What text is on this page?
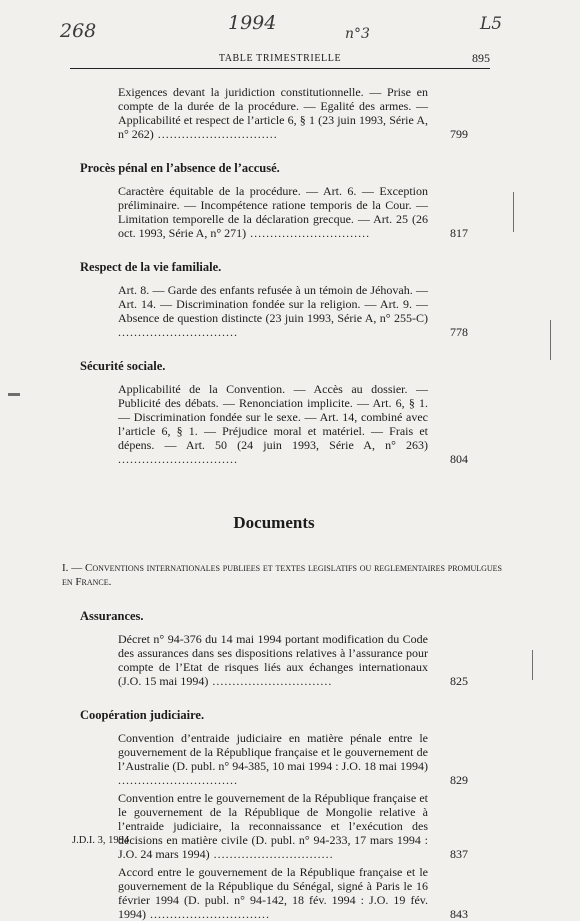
268	1994	n°3	L5
TABLE TRIMESTRIELLE	895
Exigences devant la juridiction constitutionnelle. — Prise en compte de la durée de la procédure. — Egalité des armes. — Applicabilité et respect de l’article 6, § 1 (23 juin 1993, Série A, n° 262) ..............................	799
Procès pénal en l’absence de l’accusé.
Caractère équitable de la procédure. — Art. 6. — Exception préliminaire. — Incompétence ratione temporis de la Cour. — Limitation temporelle de la déclaration grecque. — Art. 25 (26 oct. 1993, Série A, n° 271) ..............................	817
Respect de la vie familiale.
Art. 8. — Garde des enfants refusée à un témoin de Jéhovah. — Art. 14. — Discrimination fondée sur la religion. — Art. 9. — Absence de question distincte (23 juin 1993, Série A, n° 255-C) ..............................	778
Sécurité sociale.
Applicabilité de la Convention. — Accès au dossier. — Publicité des débats. — Renonciation implicite. — Art. 6, § 1. — Discrimination fondée sur le sexe. — Art. 14, combiné avec l’article 6, § 1. — Préjudice moral et matériel. — Frais et dépens. — Art. 50 (24 juin 1993, Série A, n° 263) ..............................	804
Documents
I. — Conventions internationales publiees et textes legislatifs ou reglementaires promulgues en France.
Assurances.
Décret n° 94-376 du 14 mai 1994 portant modification du Code des assurances dans ses dispositions relatives à l’assurance pour compte de l’Etat de risques liés aux échanges internationaux (J.O. 15 mai 1994) ..............................	825
Coopération judiciaire.
Convention d’entraide judiciaire en matière pénale entre le gouvernement de la République française et le gouvernement de l’Australie (D. publ. n° 94-385, 10 mai 1994 : J.O. 18 mai 1994) ..............................	829
Convention entre le gouvernement de la République française et le gouvernement de la République de Mongolie relative à l’entraide judiciaire, la reconnaissance et l’exécution des décisions en matière civile (D. publ. n° 94-233, 17 mars 1994 : J.O. 24 mars 1994) ..............................	837
Accord entre le gouvernement de la République française et le gouvernement de la République du Sénégal, signé à Paris le 16 février 1994 (D. publ. n° 94-142, 18 fév. 1994 : J.O. 19 fév. 1994) ..............................	843
J.D.I. 3, 1994
